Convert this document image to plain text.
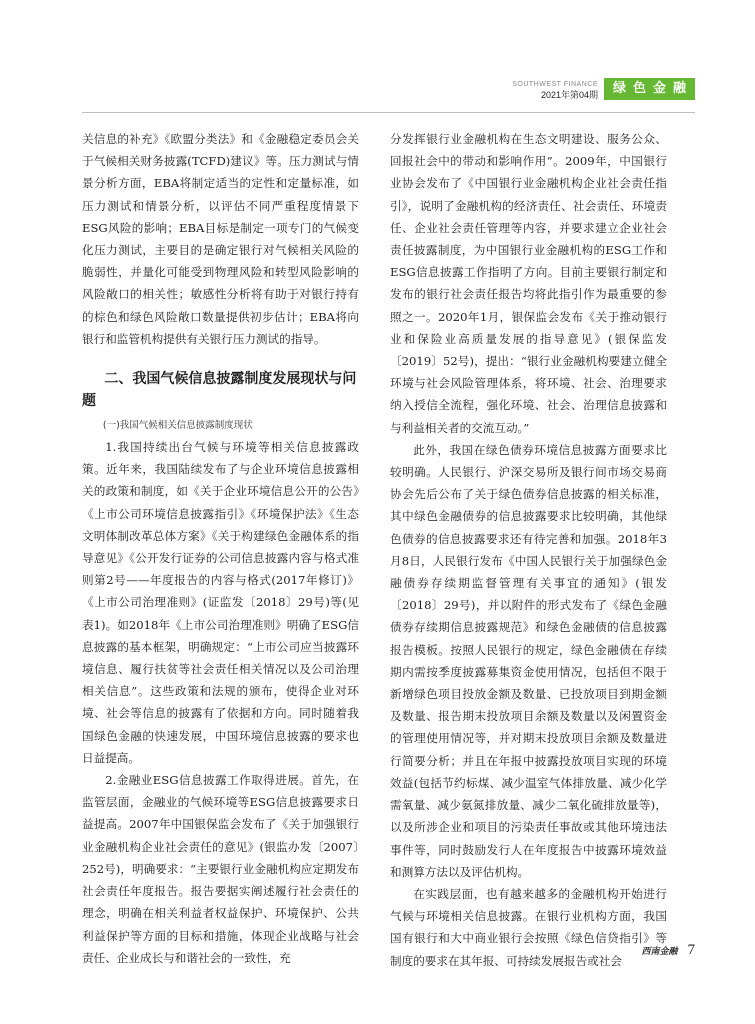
SOUTHWEST FINANCE
2021年第04期	绿色金融

关信息的补充》《欧盟分类法》和《金融稳定委员会关于气候相关财务披露(TCFD)建议》等。压力测试与情景分析方面，EBA将制定适当的定性和定量标准，如压力测试和情景分析，以评估不同严重程度情景下ESG风险的影响；EBA目标是制定一项专门的气候变化压力测试，主要目的是确定银行对气候相关风险的脆弱性，并量化可能受到物理风险和转型风险影响的风险敞口的相关性；敏感性分析将有助于对银行持有的棕色和绿色风险敞口数量提供初步估计；EBA将向银行和监管机构提供有关银行压力测试的指导。

二、我国气候信息披露制度发展现状与问题

(一)我国气候相关信息披露制度现状

1.我国持续出台气候与环境等相关信息披露政策。近年来，我国陆续发布了与企业环境信息披露相关的政策和制度，如《关于企业环境信息公开的公告》《上市公司环境信息披露指引》《环境保护法》《生态文明体制改革总体方案》《关于构建绿色金融体系的指导意见》《公开发行证券的公司信息披露内容与格式准则第2号——年度报告的内容与格式(2017年修订)》《上市公司治理准则》(证监发〔2018〕29号)等(见表1)。如2018年《上市公司治理准则》明确了ESG信息披露的基本框架，明确规定：“上市公司应当披露环境信息、履行扶贫等社会责任相关情况以及公司治理相关信息”。这些政策和法规的颁布，使得企业对环境、社会等信息的披露有了依据和方向。同时随着我国绿色金融的快速发展，中国环境信息披露的要求也日益提高。

2.金融业ESG信息披露工作取得进展。首先，在监管层面，金融业的气候环境等ESG信息披露要求日益提高。2007年中国银保监会发布了《关于加强银行业金融机构企业社会责任的意见》(银监办发〔2007〕252号)，明确要求：“主要银行业金融机构应定期发布社会责任年度报告。报告要据实阐述履行社会责任的理念，明确在相关利益者权益保护、环境保护、公共利益保护等方面的目标和措施，体现企业战略与社会责任、企业成长与和谐社会的一致性，充

分发挥银行业金融机构在生态文明建设、服务公众、回报社会中的带动和影响作用”。2009年，中国银行业协会发布了《中国银行业金融机构企业社会责任指引》，说明了金融机构的经济责任、社会责任、环境责任、企业社会责任管理等内容，并要求建立企业社会责任披露制度，为中国银行业金融机构的ESG工作和ESG信息披露工作指明了方向。目前主要银行制定和发布的银行社会责任报告均将此指引作为最重要的参照之一。2020年1月，银保监会发布《关于推动银行业和保险业高质量发展的指导意见》(银保监发〔2019〕52号)，提出：“银行业金融机构要建立健全环境与社会风险管理体系，将环境、社会、治理要求纳入授信全流程，强化环境、社会、治理信息披露和与利益相关者的交流互动。”

此外，我国在绿色债券环境信息披露方面要求比较明确。人民银行、沪深交易所及银行间市场交易商协会先后公布了关于绿色债券信息披露的相关标准，其中绿色金融债券的信息披露要求比较明确，其他绿色债券的信息披露要求还有待完善和加强。2018年3月8日，人民银行发布《中国人民银行关于加强绿色金融债券存续期监督管理有关事宜的通知》(银发〔2018〕29号)，并以附件的形式发布了《绿色金融债券存续期信息披露规范》和绿色金融债的信息披露报告模板。按照人民银行的规定，绿色金融债在存续期内需按季度披露募集资金使用情况，包括但不限于新增绿色项目投放金额及数量、已投放项目到期金额及数量、报告期末投放项目余额及数量以及闲置资金的管理使用情况等，并对期末投放项目余额及数量进行简要分析；并且在年报中披露投放项目实现的环境效益(包括节约标煤、减少温室气体排放量、减少化学需氧量、减少氨氮排放量、减少二氧化硫排放量等)，以及所涉企业和项目的污染责任事故或其他环境违法事件等，同时鼓励发行人在年度报告中披露环境效益和测算方法以及评估机构。

在实践层面，也有越来越多的金融机构开始进行气候与环境相关信息披露。在银行业机构方面，我国国有银行和大中商业银行会按照《绿色信贷指引》等制度的要求在其年报、可持续发展报告或社会

西南金融 7
